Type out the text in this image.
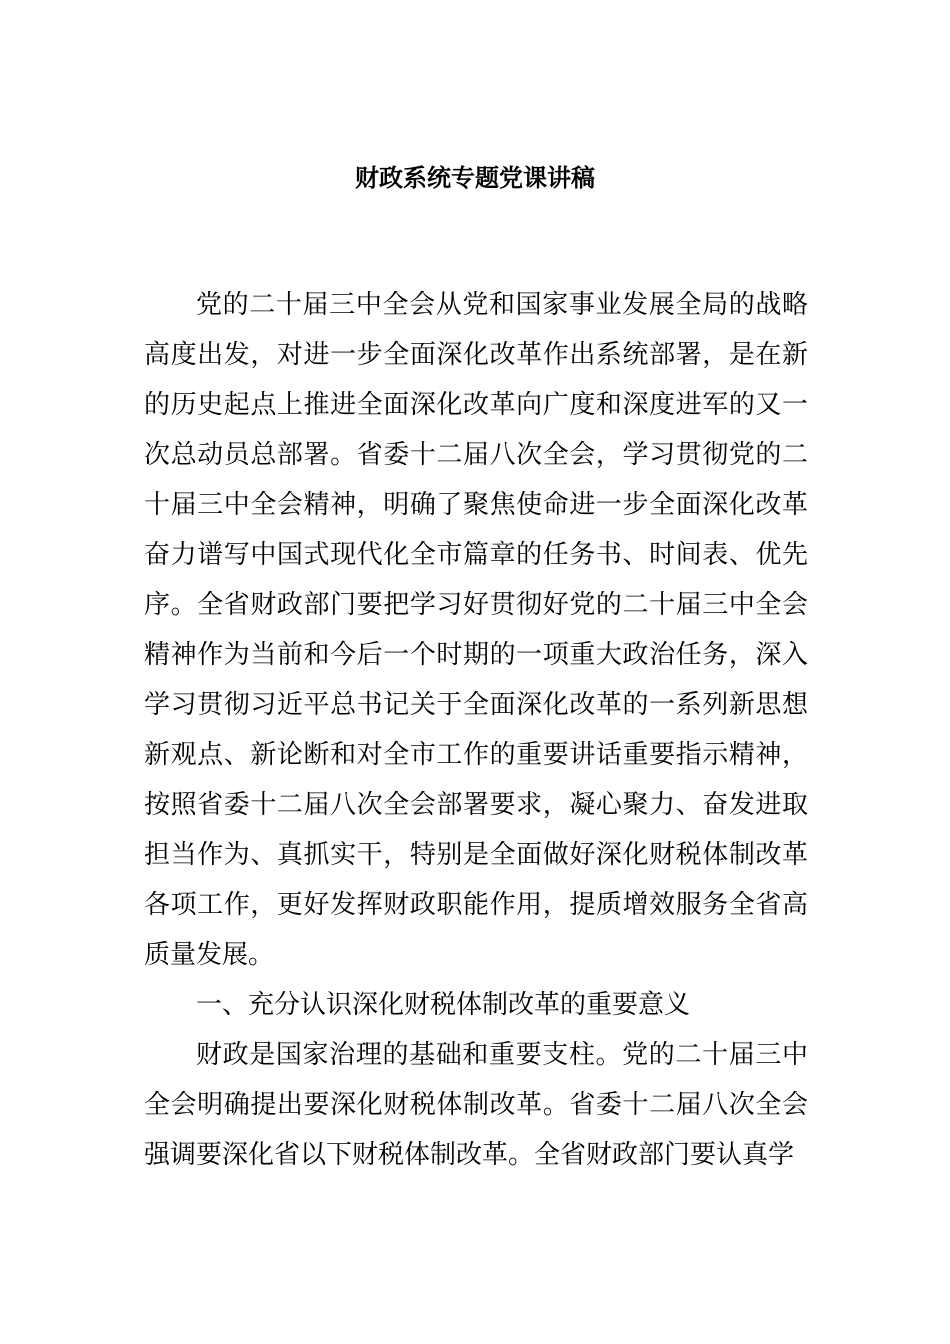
财政系统专题党课讲稿

党的二十届三中全会从党和国家事业发展全局的战略高度出发，对进一步全面深化改革作出系统部署，是在新的历史起点上推进全面深化改革向广度和深度进军的又一次总动员总部署。省委十二届八次全会，学习贯彻党的二十届三中全会精神，明确了聚焦使命进一步全面深化改革奋力谱写中国式现代化全市篇章的任务书、时间表、优先序。全省财政部门要把学习好贯彻好党的二十届三中全会精神作为当前和今后一个时期的一项重大政治任务，深入学习贯彻习近平总书记关于全面深化改革的一系列新思想新观点、新论断和对全市工作的重要讲话重要指示精神，按照省委十二届八次全会部署要求，凝心聚力、奋发进取担当作为、真抓实干，特别是全面做好深化财税体制改革各项工作，更好发挥财政职能作用，提质增效服务全省高质量发展。

一、充分认识深化财税体制改革的重要意义

财政是国家治理的基础和重要支柱。党的二十届三中全会明确提出要深化财税体制改革。省委十二届八次全会强调要深化省以下财税体制改革。全省财政部门要认真学
